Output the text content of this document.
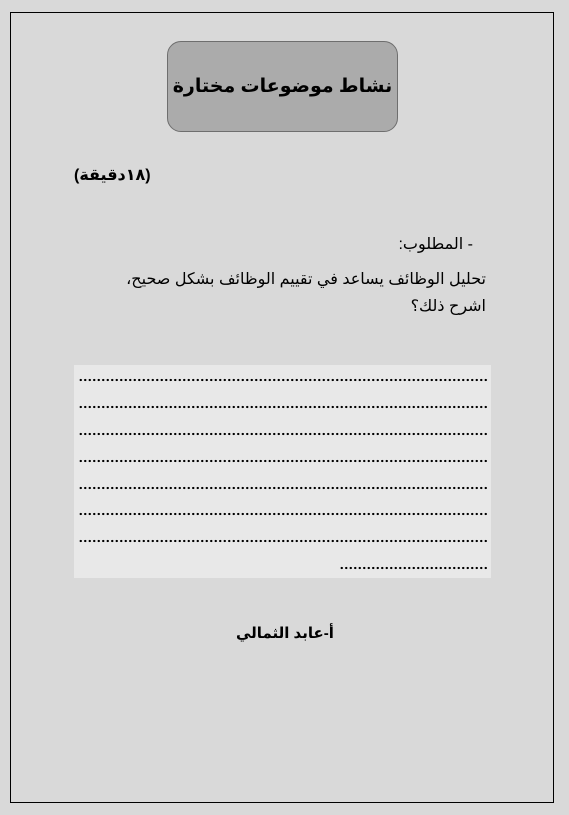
نشاط موضوعات مختارة
(١٨دقيقة)
- المطلوب:
تحليل الوظائف يساعد في تقييم الوظائف بشكل صحيح، اشرح ذلك؟
أ-عابد الثمالي
